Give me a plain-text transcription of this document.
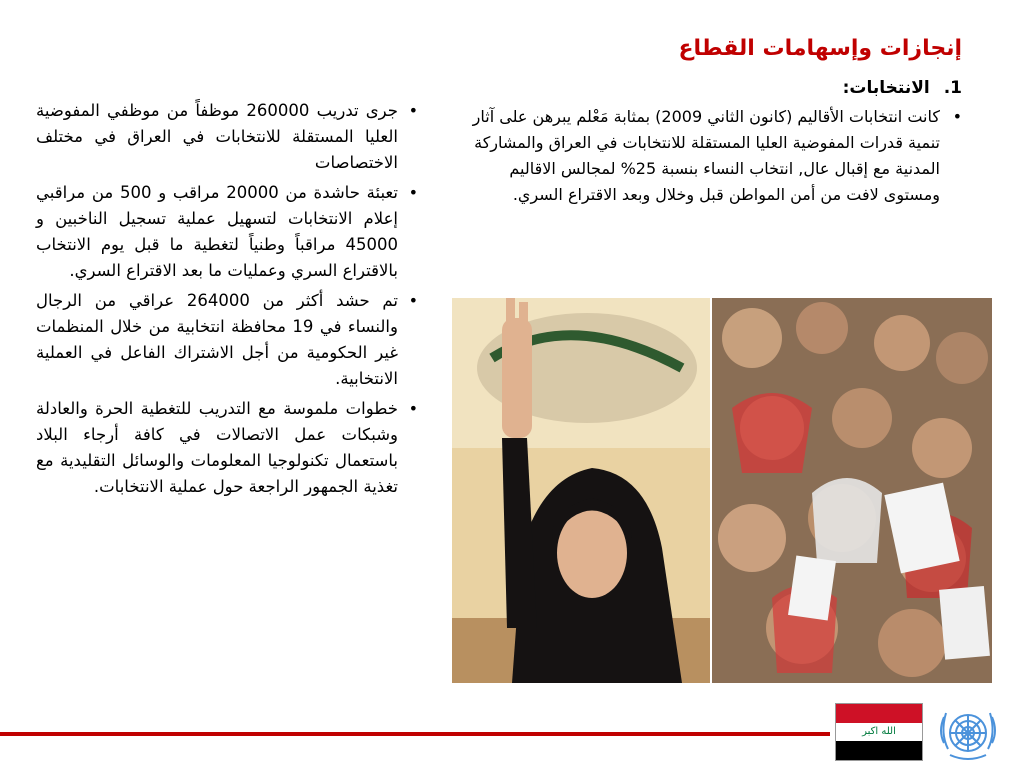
إنجازات وإسهامات القطاع
1.الانتخابات:
•
كانت انتخابات الأقاليم (كانون الثاني 2009) بمثابة مَعْلم يبرهن على آثار تنمية قدرات المفوضية العليا المستقلة للانتخابات في العراق والمشاركة المدنية مع إقبال عال, انتخاب النساء بنسبة 25% لمجالس الاقاليم ومستوى لافت من أمن المواطن قبل وخلال وبعد الاقتراع السري.
•
جرى تدريب 260000 موظفاً من موظفي المفوضية العليا المستقلة للانتخابات في العراق في مختلف الاختصاصات
•
تعبئة حاشدة من 20000 مراقب و 500 من مراقبي إعلام الانتخابات لتسهيل عملية تسجيل الناخبين و 45000 مراقباً وطنياً لتغطية ما قبل يوم الانتخاب بالاقتراع السري وعمليات ما بعد الاقتراع السري.
•
تم حشد أكثر من 264000 عراقي من الرجال والنساء في 19 محافظة انتخابية من خلال المنظمات غير الحكومية من أجل الاشتراك الفاعل في العملية الانتخابية.
•
خطوات ملموسة مع التدريب للتغطية الحرة والعادلة وشبكات عمل الاتصالات في كافة أرجاء البلاد باستعمال تكنولوجيا المعلومات والوسائل التقليدية مع تغذية الجمهور الراجعة حول عملية الانتخابات.
الله اكبر
